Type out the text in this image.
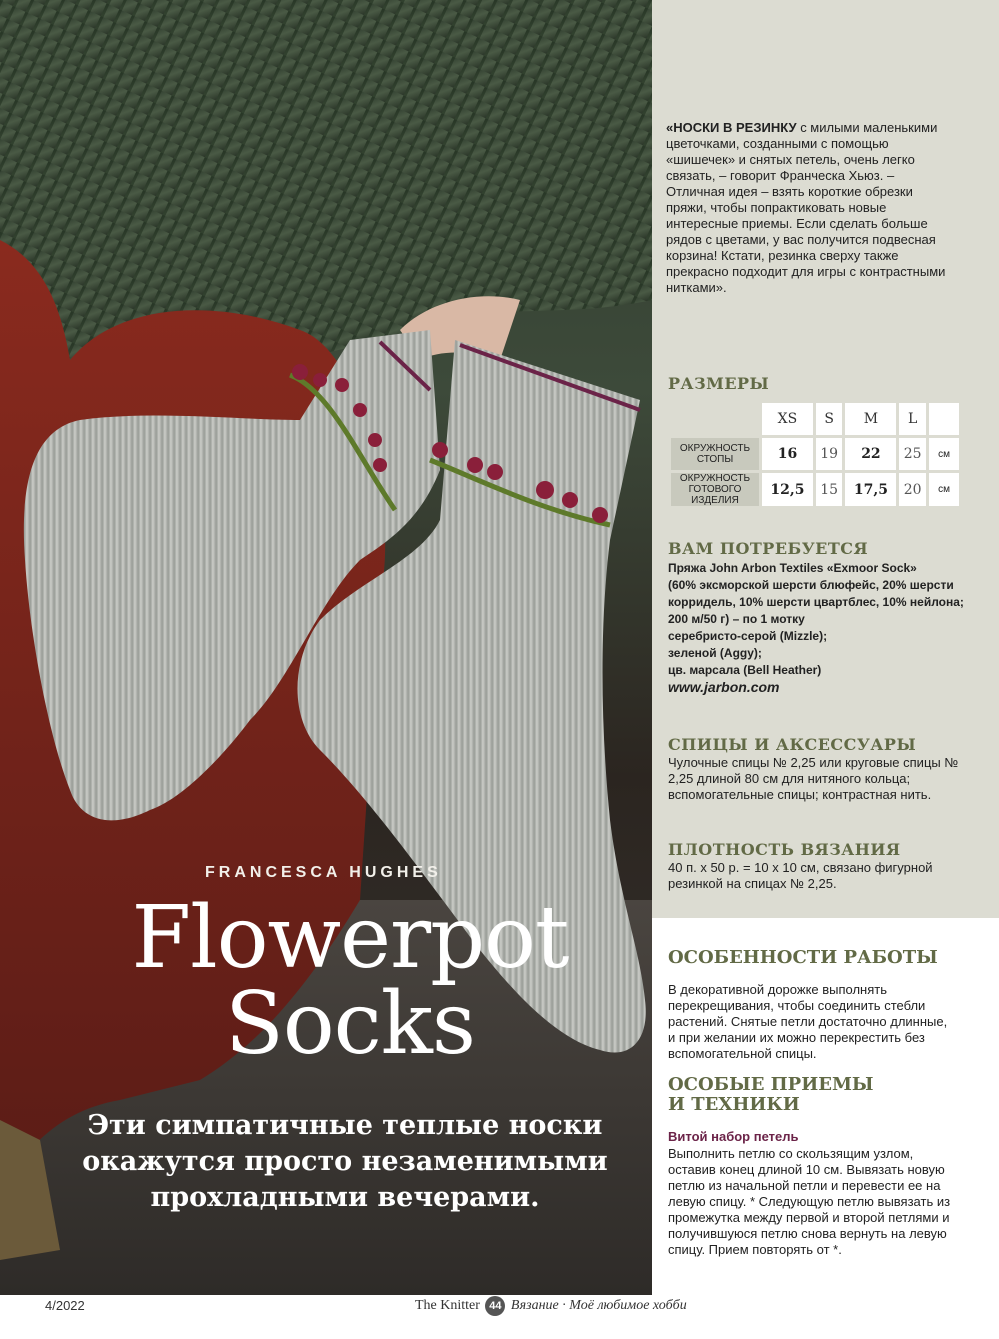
FRANCESCA HUGHES
Flowerpot
Socks
Эти симпатичные теплые носки окажутся просто незаменимыми прохладными вечерами.
«НОСКИ В РЕЗИНКУ с милыми маленькими цветочками, созданными с помощью «шишечек» и снятых петель, очень легко связать, – говорит Франческа Хьюз. – Отличная идея – взять короткие обрезки пряжи, чтобы попрактиковать новые интересные приемы. Если сделать больше рядов с цветами, у вас получится подвесная корзина! Кстати, резинка сверху также прекрасно подходит для игры с контрастными нитками».
РАЗМЕРЫ
	XS	S	M	L	
ОКРУЖНОСТЬ СТОПЫ	16	19	22	25	см
ОКРУЖНОСТЬ ГОТОВОГО ИЗДЕЛИЯ	12,5	15	17,5	20	см
ВАМ ПОТРЕБУЕТСЯ
Пряжа John Arbon Textiles «Exmoor Sock»
(60% эксморской шерсти блюфейс, 20% шерсти корридель, 10% шерсти цвартблес, 10% нейлона;
200 м/50 г) – по 1 мотку
серебристо-серой (Mizzle);
зеленой (Aggy);
цв. марсала (Bell Heather)
www.jarbon.com
СПИЦЫ И АКСЕССУАРЫ
Чулочные спицы № 2,25 или круговые спицы № 2,25 длиной 80 см для нитяного кольца; вспомогательные спицы; контрастная нить.
ПЛОТНОСТЬ ВЯЗАНИЯ
40 п. х 50 р. = 10 х 10 см, связано фигурной резинкой на спицах № 2,25.
ОСОБЕННОСТИ РАБОТЫ
В декоративной дорожке выполнять перекрещивания, чтобы соединить стебли растений. Снятые петли достаточно длинные, и при желании их можно перекрестить без вспомогательной спицы.
ОСОБЫЕ ПРИЕМЫ
И ТЕХНИКИ
Витой набор петель
Выполнить петлю со скользящим узлом, оставив конец длиной 10 см. Вывязать новую петлю из начальной петли и перевести ее на левую спицу. * Следующую петлю вывязать из промежутка между первой и второй петлями и получившуюся петлю снова вернуть на левую спицу. Прием повторять от *.
4/2022	The Knitter 44 Вязание · Моё любимое хобби
